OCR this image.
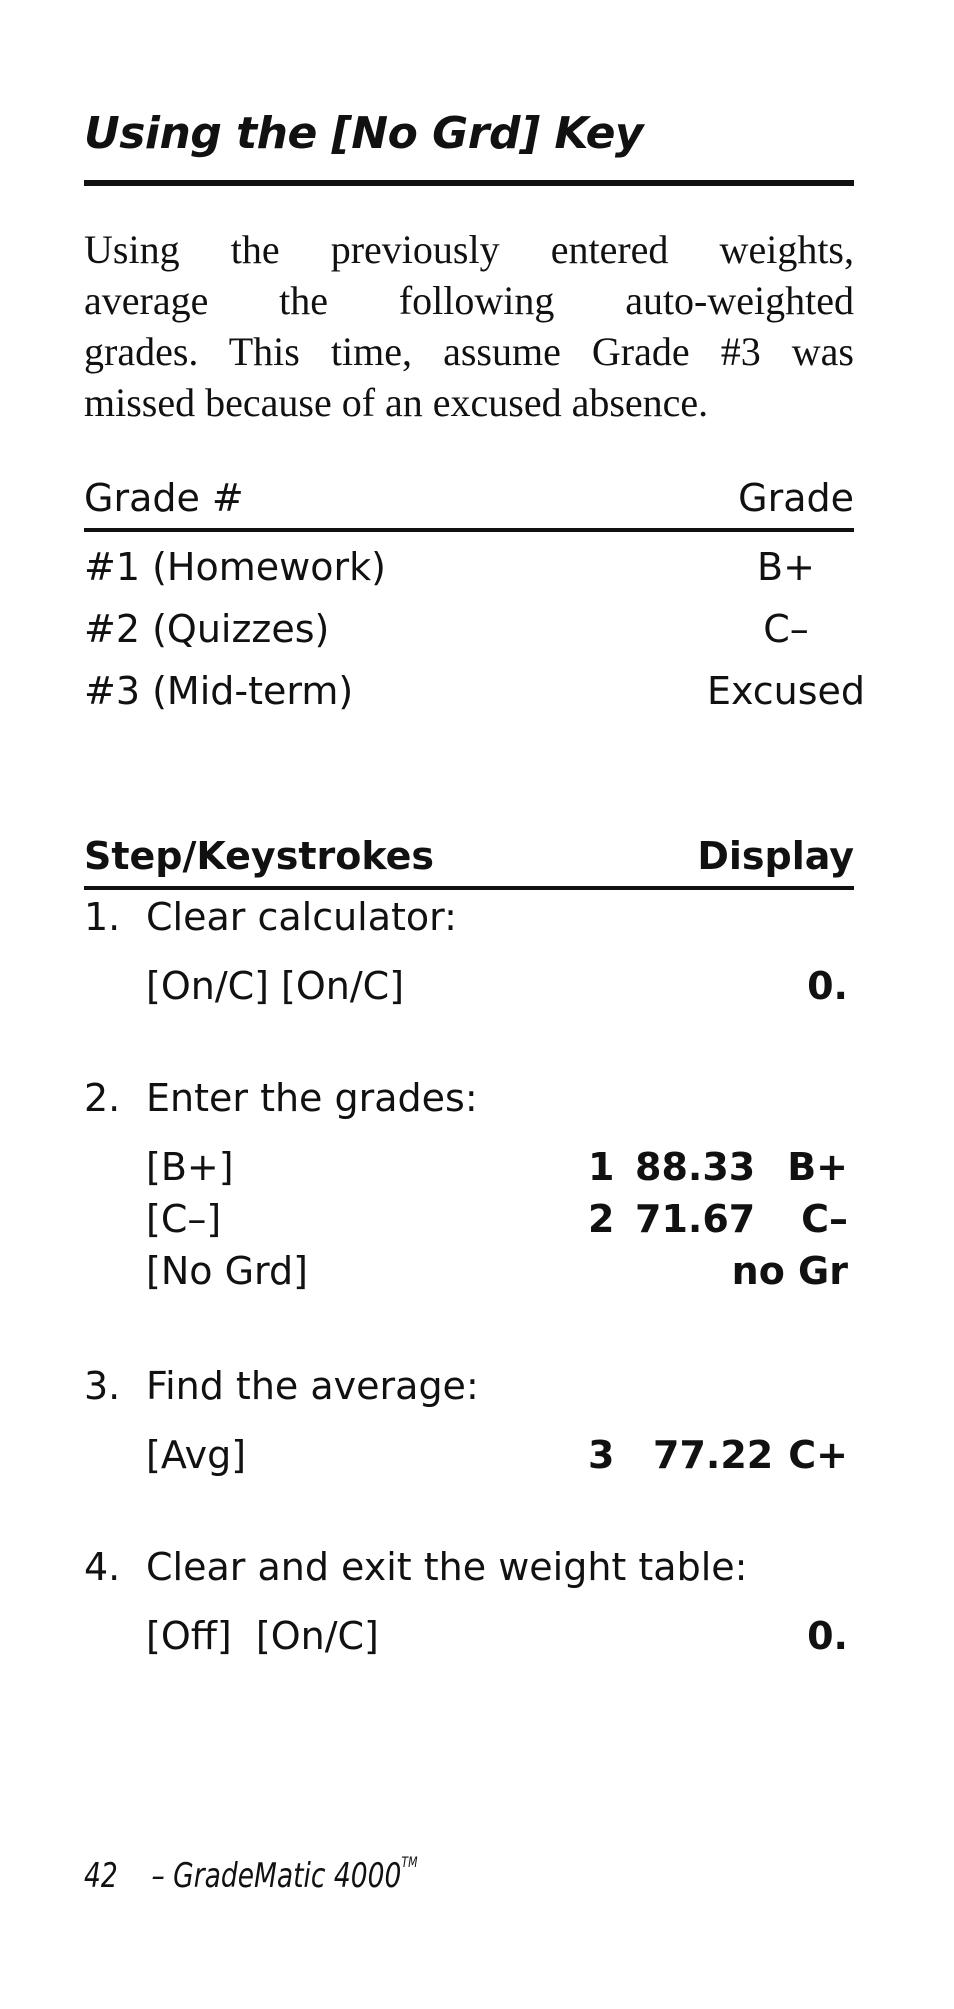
Using the [No Grd] Key
Using the previously entered weights,
average the following auto-weighted
grades. This time, assume Grade #3 was
missed because of an excused absence.
Grade #	Grade
#1 (Homework)	B+
#2 (Quizzes)	C–
#3 (Mid-term)	Excused
Step/Keystrokes	Display
1. Clear calculator:
[On/C] [On/C]	0.
2. Enter the grades:
[B+]	1 88.33 B+
[C–]	2 71.67 C–
[No Grd]	no Gr
3. Find the average:
[Avg]	3 77.22 C+
4. Clear and exit the weight table:
[Off]  [On/C]	0.
42 – GradeMatic 4000™
